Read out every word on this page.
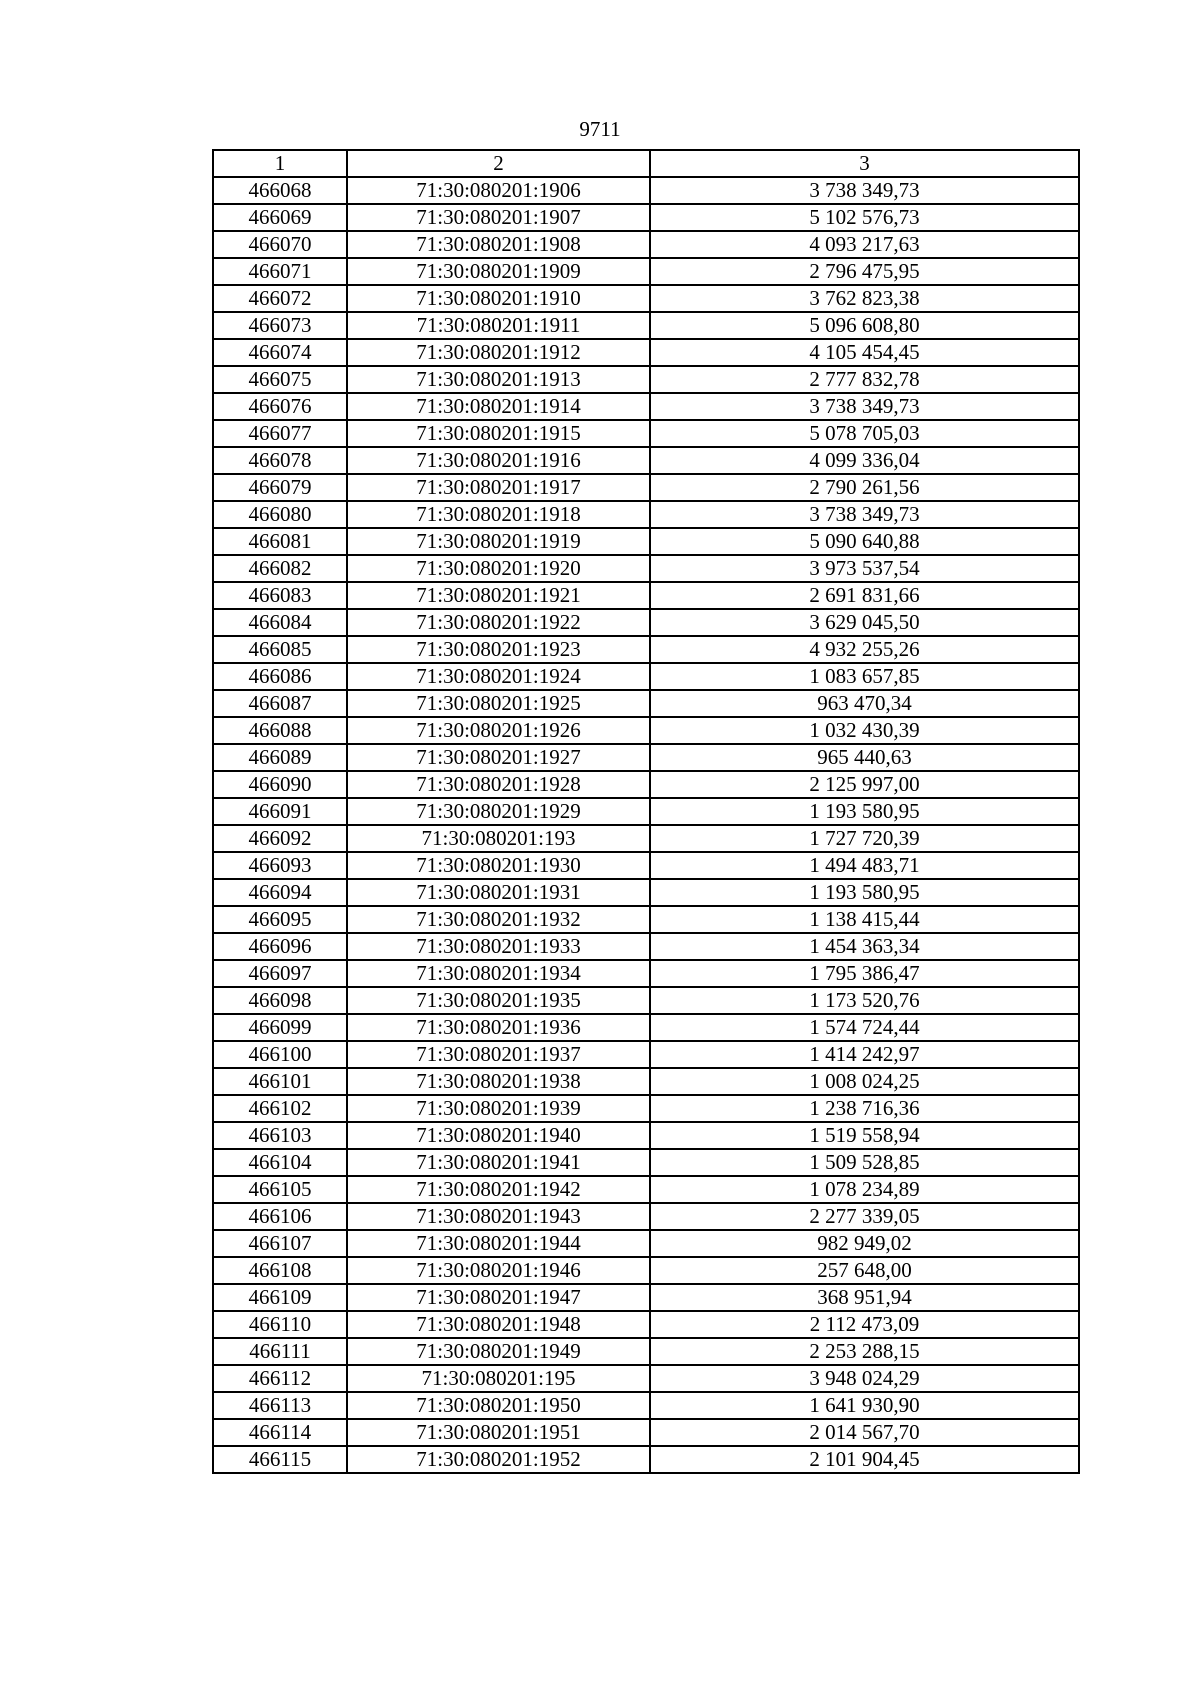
9711
1	2	3
466068	71:30:080201:1906	3 738 349,73
466069	71:30:080201:1907	5 102 576,73
466070	71:30:080201:1908	4 093 217,63
466071	71:30:080201:1909	2 796 475,95
466072	71:30:080201:1910	3 762 823,38
466073	71:30:080201:1911	5 096 608,80
466074	71:30:080201:1912	4 105 454,45
466075	71:30:080201:1913	2 777 832,78
466076	71:30:080201:1914	3 738 349,73
466077	71:30:080201:1915	5 078 705,03
466078	71:30:080201:1916	4 099 336,04
466079	71:30:080201:1917	2 790 261,56
466080	71:30:080201:1918	3 738 349,73
466081	71:30:080201:1919	5 090 640,88
466082	71:30:080201:1920	3 973 537,54
466083	71:30:080201:1921	2 691 831,66
466084	71:30:080201:1922	3 629 045,50
466085	71:30:080201:1923	4 932 255,26
466086	71:30:080201:1924	1 083 657,85
466087	71:30:080201:1925	963 470,34
466088	71:30:080201:1926	1 032 430,39
466089	71:30:080201:1927	965 440,63
466090	71:30:080201:1928	2 125 997,00
466091	71:30:080201:1929	1 193 580,95
466092	71:30:080201:193	1 727 720,39
466093	71:30:080201:1930	1 494 483,71
466094	71:30:080201:1931	1 193 580,95
466095	71:30:080201:1932	1 138 415,44
466096	71:30:080201:1933	1 454 363,34
466097	71:30:080201:1934	1 795 386,47
466098	71:30:080201:1935	1 173 520,76
466099	71:30:080201:1936	1 574 724,44
466100	71:30:080201:1937	1 414 242,97
466101	71:30:080201:1938	1 008 024,25
466102	71:30:080201:1939	1 238 716,36
466103	71:30:080201:1940	1 519 558,94
466104	71:30:080201:1941	1 509 528,85
466105	71:30:080201:1942	1 078 234,89
466106	71:30:080201:1943	2 277 339,05
466107	71:30:080201:1944	982 949,02
466108	71:30:080201:1946	257 648,00
466109	71:30:080201:1947	368 951,94
466110	71:30:080201:1948	2 112 473,09
466111	71:30:080201:1949	2 253 288,15
466112	71:30:080201:195	3 948 024,29
466113	71:30:080201:1950	1 641 930,90
466114	71:30:080201:1951	2 014 567,70
466115	71:30:080201:1952	2 101 904,45
